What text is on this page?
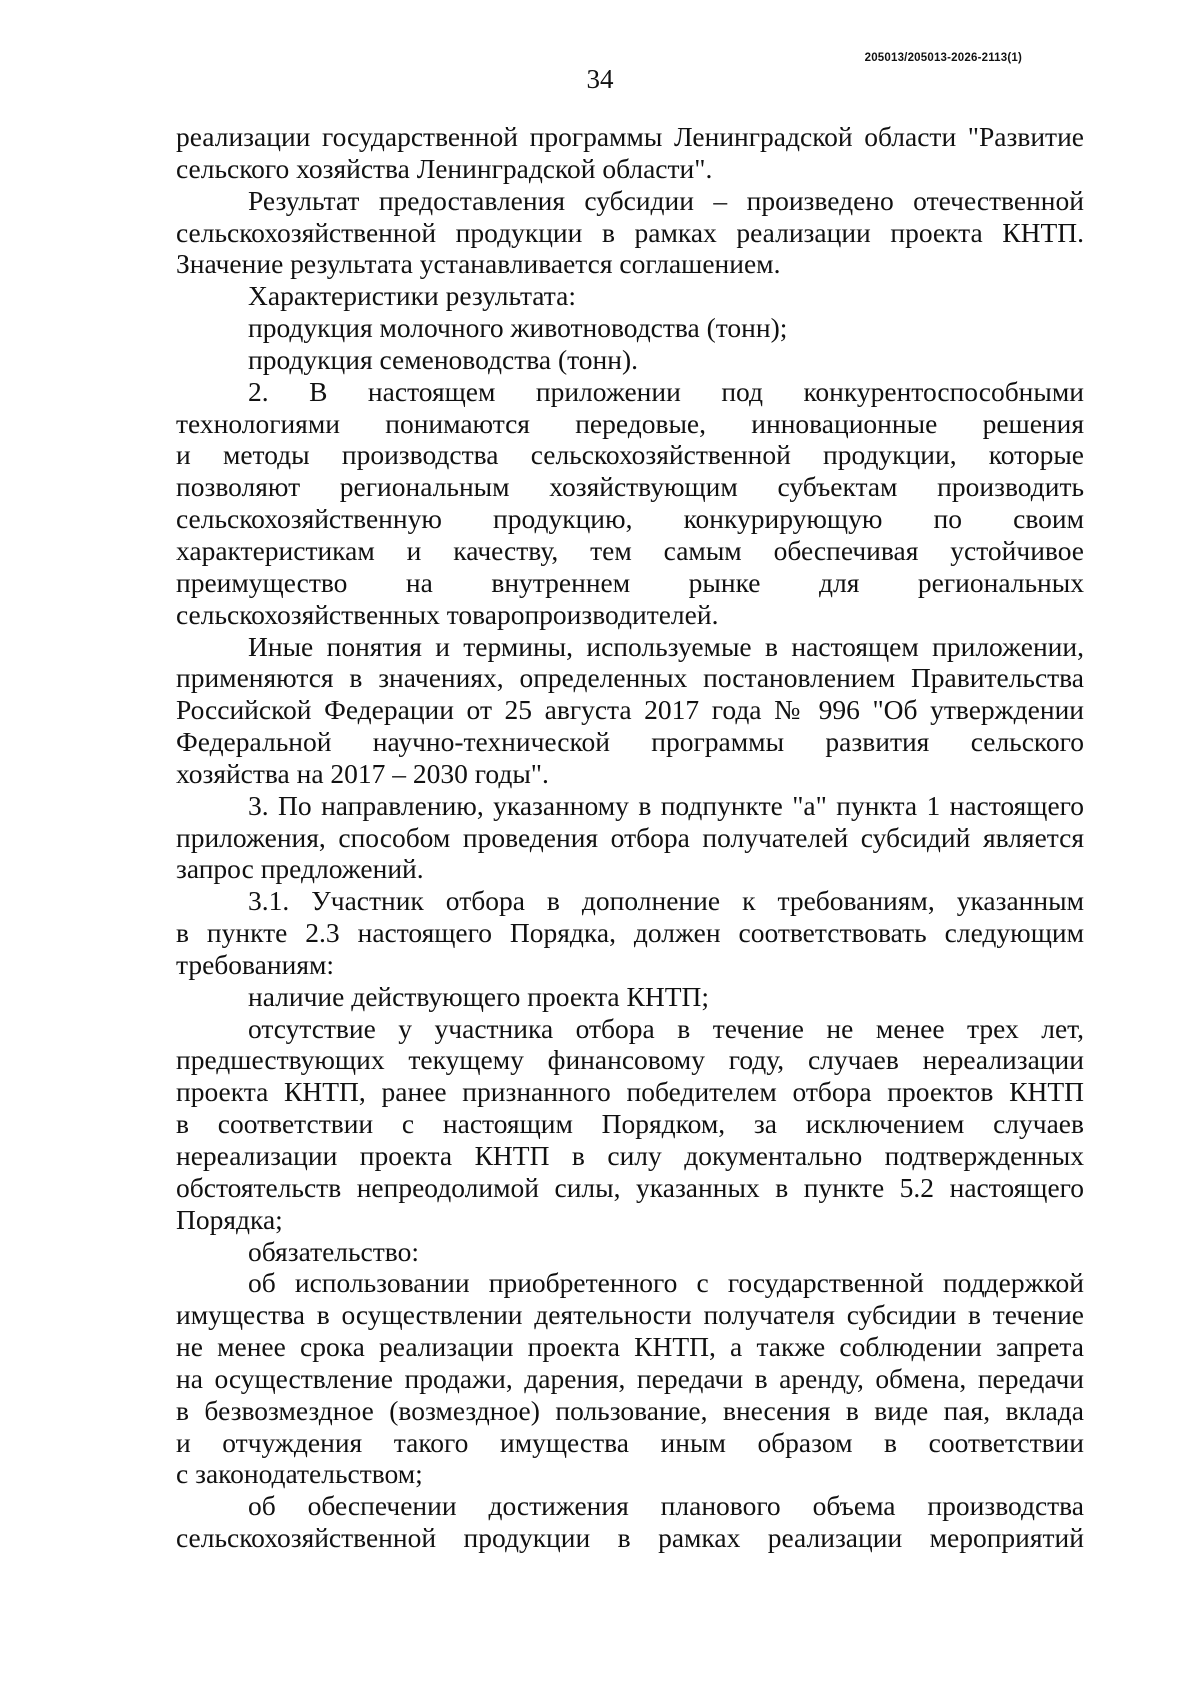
205013/205013-2026-2113(1)
34
реализации государственной программы Ленинградской области "Развитие
сельского хозяйства Ленинградской области".
Результат предоставления субсидии – произведено отечественной
сельскохозяйственной продукции в рамках реализации проекта КНТП.
Значение результата устанавливается соглашением.
Характеристики результата:
продукция молочного животноводства (тонн);
продукция семеноводства (тонн).
2. В настоящем приложении под конкурентоспособными
технологиями понимаются передовые, инновационные решения
и методы производства сельскохозяйственной продукции, которые
позволяют региональным хозяйствующим субъектам производить
сельскохозяйственную продукцию, конкурирующую по своим
характеристикам и качеству, тем самым обеспечивая устойчивое
преимущество на внутреннем рынке для региональных
сельскохозяйственных товаропроизводителей.
Иные понятия и термины, используемые в настоящем приложении,
применяются в значениях, определенных постановлением Правительства
Российской Федерации от 25 августа 2017 года № 996 "Об утверждении
Федеральной научно-технической программы развития сельского
хозяйства на 2017 – 2030 годы".
3. По направлению, указанному в подпункте "а" пункта 1 настоящего
приложения, способом проведения отбора получателей субсидий является
запрос предложений.
3.1. Участник отбора в дополнение к требованиям, указанным
в пункте 2.3 настоящего Порядка, должен соответствовать следующим
требованиям:
наличие действующего проекта КНТП;
отсутствие у участника отбора в течение не менее трех лет,
предшествующих текущему финансовому году, случаев нереализации
проекта КНТП, ранее признанного победителем отбора проектов КНТП
в соответствии с настоящим Порядком, за исключением случаев
нереализации проекта КНТП в силу документально подтвержденных
обстоятельств непреодолимой силы, указанных в пункте 5.2 настоящего
Порядка;
обязательство:
об использовании приобретенного с государственной поддержкой
имущества в осуществлении деятельности получателя субсидии в течение
не менее срока реализации проекта КНТП, а также соблюдении запрета
на осуществление продажи, дарения, передачи в аренду, обмена, передачи
в безвозмездное (возмездное) пользование, внесения в виде пая, вклада
и отчуждения такого имущества иным образом в соответствии
с законодательством;
об обеспечении достижения планового объема производства
сельскохозяйственной продукции в рамках реализации мероприятий
